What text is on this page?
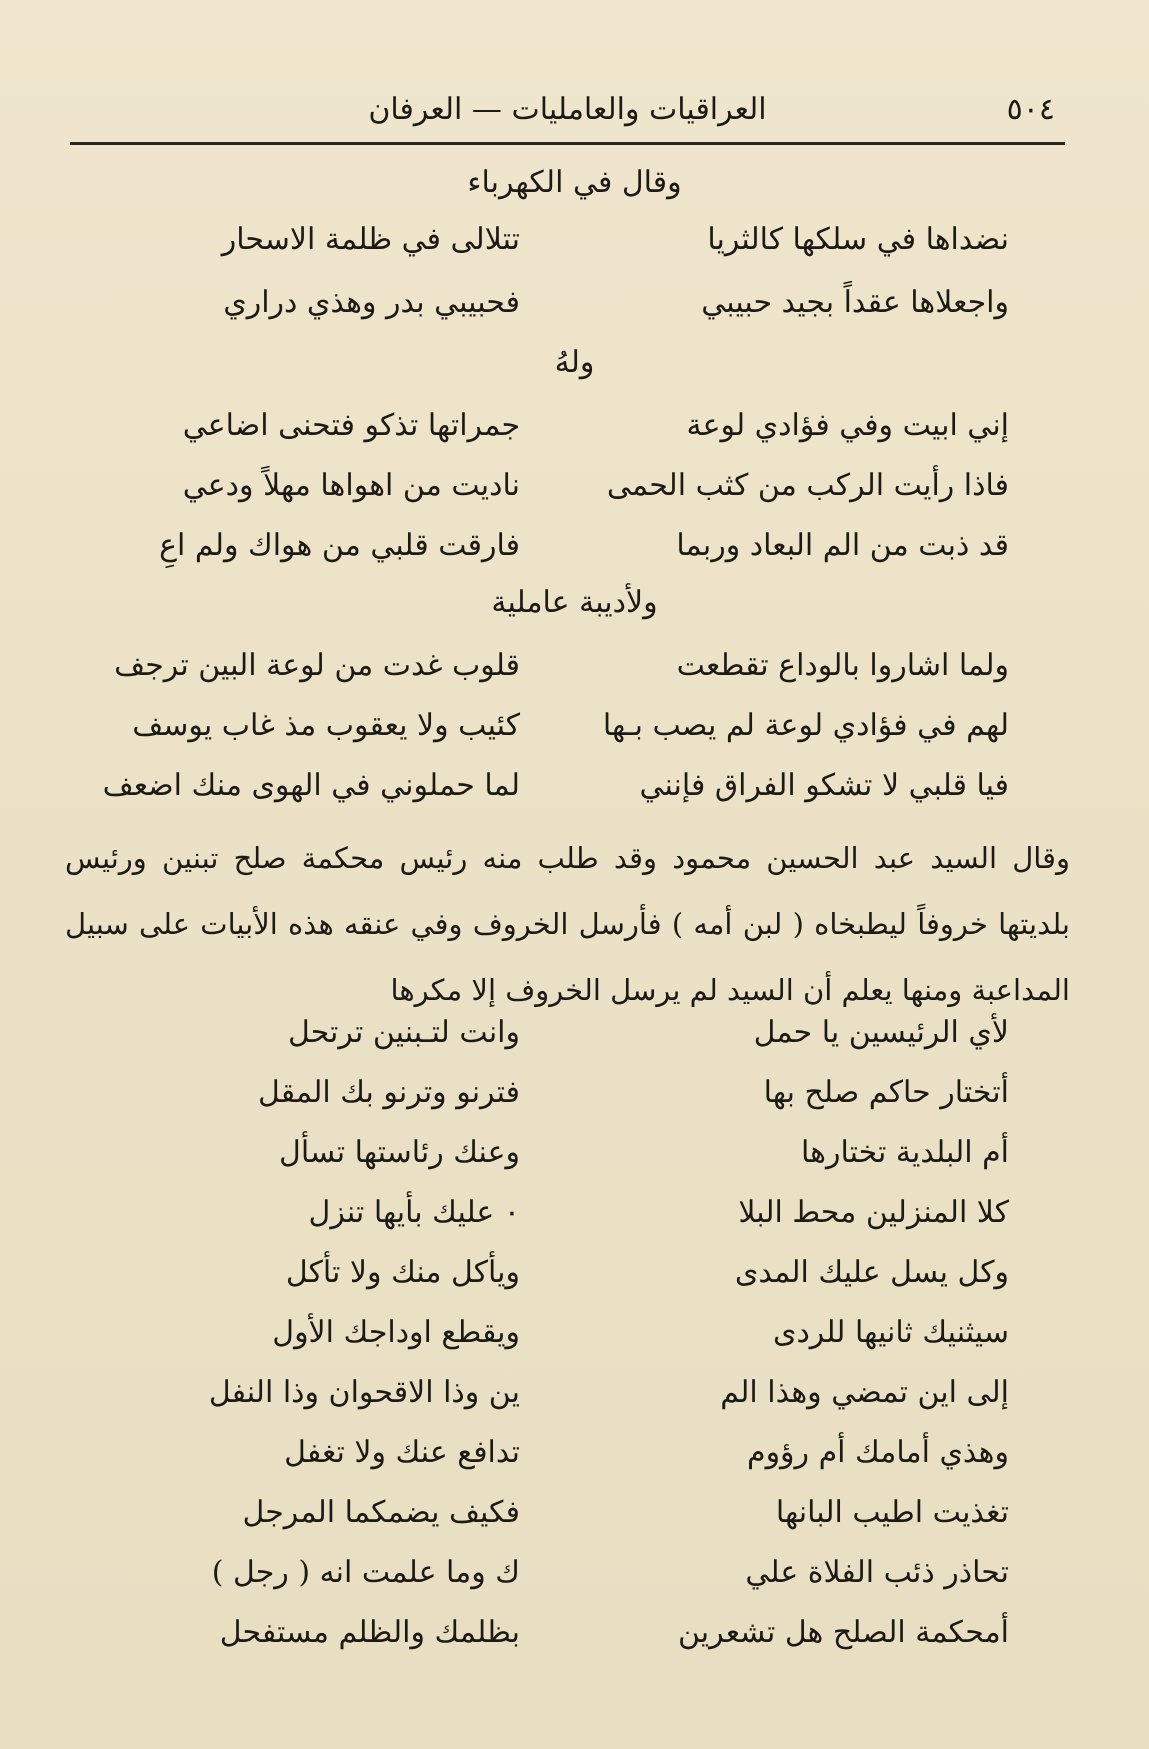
٥٠٤
العراقيات والعامليات — العرفان
وقال في الكهرباء
نضداها في سلكها كالثريا
تتلالى في ظلمة الاسحار
واجعلاها عقداً بجيد حبيبي
فحبيبي بدر وهذي دراري
ولهُ
إني ابيت وفي فؤادي لوعة
جمراتها تذكو فتحنى اضاعي
فاذا رأيت الركب من كثب الحمى
ناديت من اهواها مهلاً ودعي
قد ذبت من الم البعاد وربما
فارقت قلبي من هواك ولم اعِ
ولأديبة عاملية
ولما اشاروا بالوداع تقطعت
قلوب غدت من لوعة البين ترجف
لهم في فؤادي لوعة لم يصب بـها
كئيب ولا يعقوب مذ غاب يوسف
فيا قلبي لا تشكو الفراق فإنني
لما حملوني في الهوى منك اضعف
وقال السيد عبد الحسين محمود وقد طلب منه رئيس محكمة صلح تبنين ورئيس بلديتها خروفاً ليطبخاه ( لبن أمه ) فأرسل الخروف وفي عنقه هذه الأبيات على سبيل المداعبة ومنها يعلم أن السيد لم يرسل الخروف إلا مكرها
لأي الرئيسين يا حمل
وانت لتـبنين ترتحل
أتختار حاكم صلح بها
فترنو وترنو بك المقل
أم البلدية تختارها
وعنك رئاستها تسأل
كلا المنزلين محط البلا
٠ عليك بأيها تنزل
وكل يسل عليك المدى
ويأكل منك ولا تأكل
سيثنيك ثانيها للردى
ويقطع اوداجك الأول
إلى اين تمضي وهذا الم
ين وذا الاقحوان وذا النفل
وهذي أمامك أم رؤوم
تدافع عنك ولا تغفل
تغذيت اطيب البانها
فكيف يضمكما المرجل
تحاذر ذئب الفلاة علي
ك وما علمت انه ( رجل )
أمحكمة الصلح هل تشعرين
بظلمك والظلم مستفحل
